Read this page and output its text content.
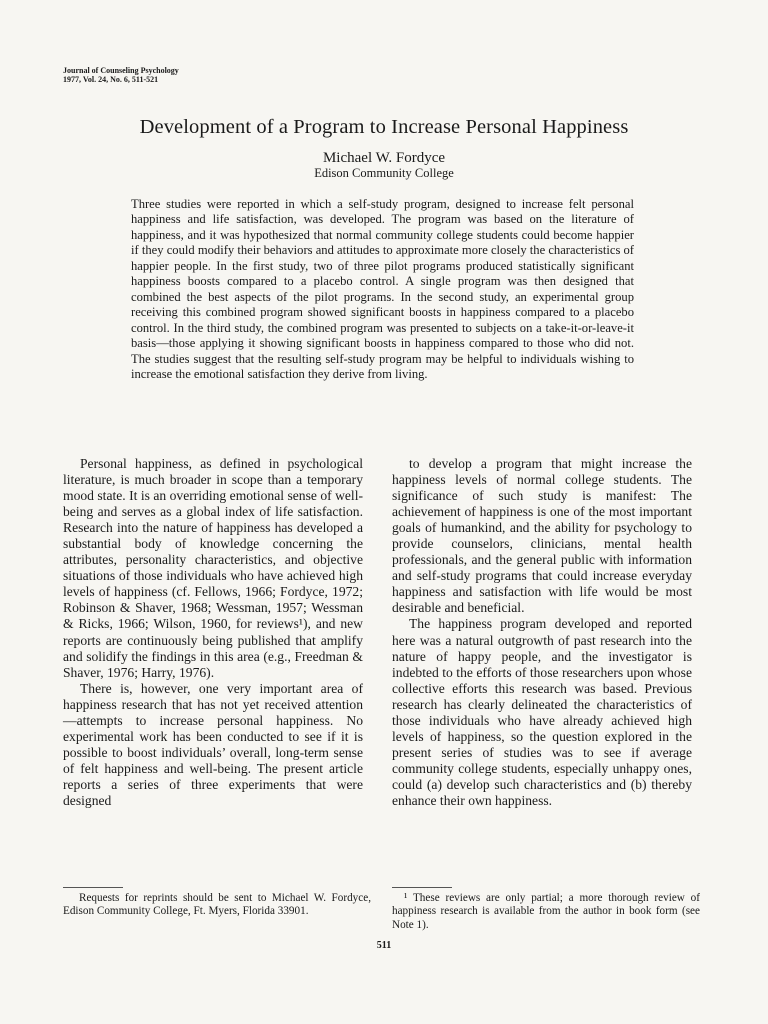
Journal of Counseling Psychology
1977, Vol. 24, No. 6, 511-521
Development of a Program to Increase Personal Happiness
Michael W. Fordyce
Edison Community College

Three studies were reported in which a self-study program, designed to increase felt personal happiness and life satisfaction, was developed. The program was based on the literature of happiness, and it was hypothesized that normal community college students could become happier if they could modify their behaviors and attitudes to approximate more closely the characteristics of happier people. In the first study, two of three pilot programs produced statistically significant happiness boosts compared to a placebo control. A single program was then designed that combined the best aspects of the pilot programs. In the second study, an experimental group receiving this combined program showed significant boosts in happiness compared to a placebo control. In the third study, the combined program was presented to subjects on a take-it-or-leave-it basis—those applying it showing significant boosts in happiness compared to those who did not. The studies suggest that the resulting self-study program may be helpful to individuals wishing to increase the emotional satisfaction they derive from living.

Personal happiness, as defined in psychological literature, is much broader in scope than a temporary mood state. It is an overriding emotional sense of well-being and serves as a global index of life satisfaction. Research into the nature of happiness has developed a substantial body of knowledge concerning the attributes, personality characteristics, and objective situations of those individuals who have achieved high levels of happiness (cf. Fellows, 1966; Fordyce, 1972; Robinson & Shaver, 1968; Wessman, 1957; Wessman & Ricks, 1966; Wilson, 1960, for reviews¹), and new reports are continuously being published that amplify and solidify the findings in this area (e.g., Freedman & Shaver, 1976; Harry, 1976).

There is, however, one very important area of happiness research that has not yet received attention—attempts to increase personal happiness. No experimental work has been conducted to see if it is possible to boost individuals’ overall, long-term sense of felt happiness and well-being. The present article reports a series of three experiments that were designed

to develop a program that might increase the happiness levels of normal college students. The significance of such study is manifest: The achievement of happiness is one of the most important goals of humankind, and the ability for psychology to provide counselors, clinicians, mental health professionals, and the general public with information and self-study programs that could increase everyday happiness and satisfaction with life would be most desirable and beneficial.

The happiness program developed and reported here was a natural outgrowth of past research into the nature of happy people, and the investigator is indebted to the efforts of those researchers upon whose collective efforts this research was based. Previous research has clearly delineated the characteristics of those individuals who have already achieved high levels of happiness, so the question explored in the present series of studies was to see if average community college students, especially unhappy ones, could (a) develop such characteristics and (b) thereby enhance their own happiness.

Requests for reprints should be sent to Michael W. Fordyce, Edison Community College, Ft. Myers, Florida 33901.

¹ These reviews are only partial; a more thorough review of happiness research is available from the author in book form (see Note 1).

511
